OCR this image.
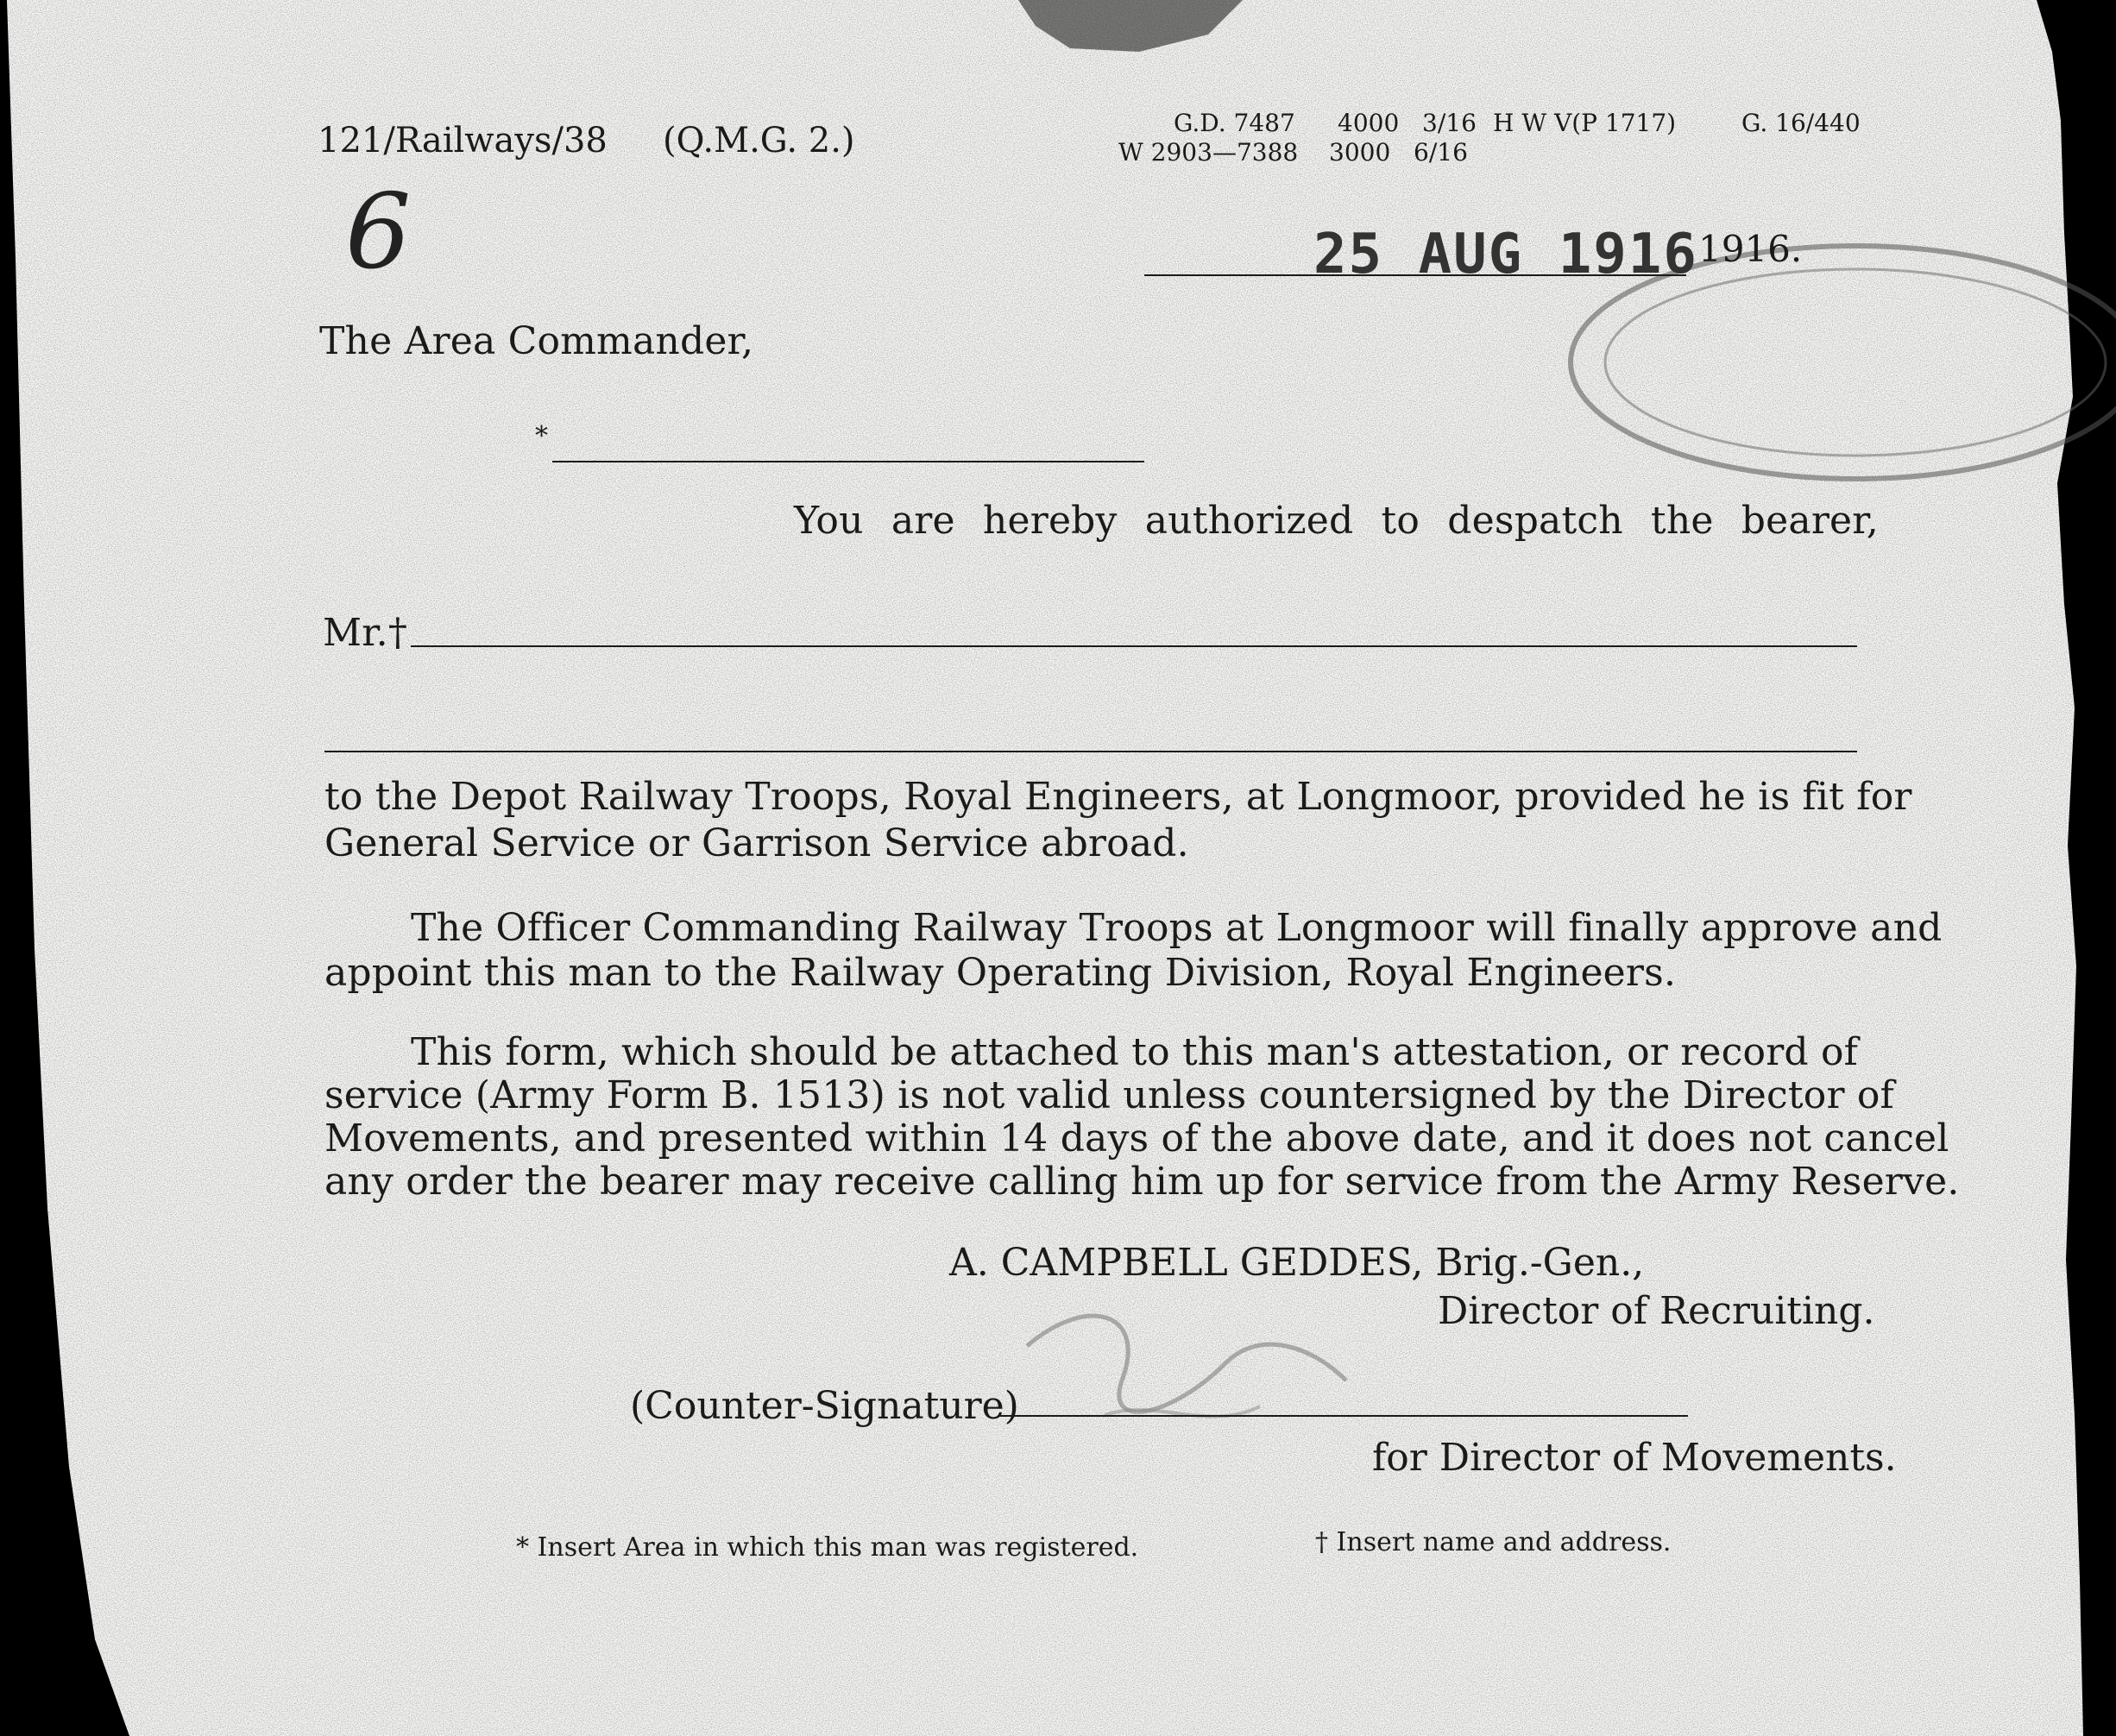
121/Railways/38 (Q.M.G. 2.)	G.D. 7487 4000 3/16 H W V(P 1717)	G. 16/440
W 2903—7388 3000 6/16
6	25 AUG 1916 1916.
The Area Commander,
*
You are hereby authorized to despatch the bearer,
Mr.†
to the Depot Railway Troops, Royal Engineers, at Longmoor, provided he is fit for
General Service or Garrison Service abroad.
The Officer Commanding Railway Troops at Longmoor will finally approve and
appoint this man to the Railway Operating Division, Royal Engineers.
This form, which should be attached to this man's attestation, or record of
service (Army Form B. 1513) is not valid unless countersigned by the Director of
Movements, and presented within 14 days of the above date, and it does not cancel
any order the bearer may receive calling him up for service from the Army Reserve.
A. CAMPBELL GEDDES, Brig.-Gen.,
Director of Recruiting.
(Counter-Signature)
for Director of Movements.
* Insert Area in which this man was registered.	† Insert name and address.
